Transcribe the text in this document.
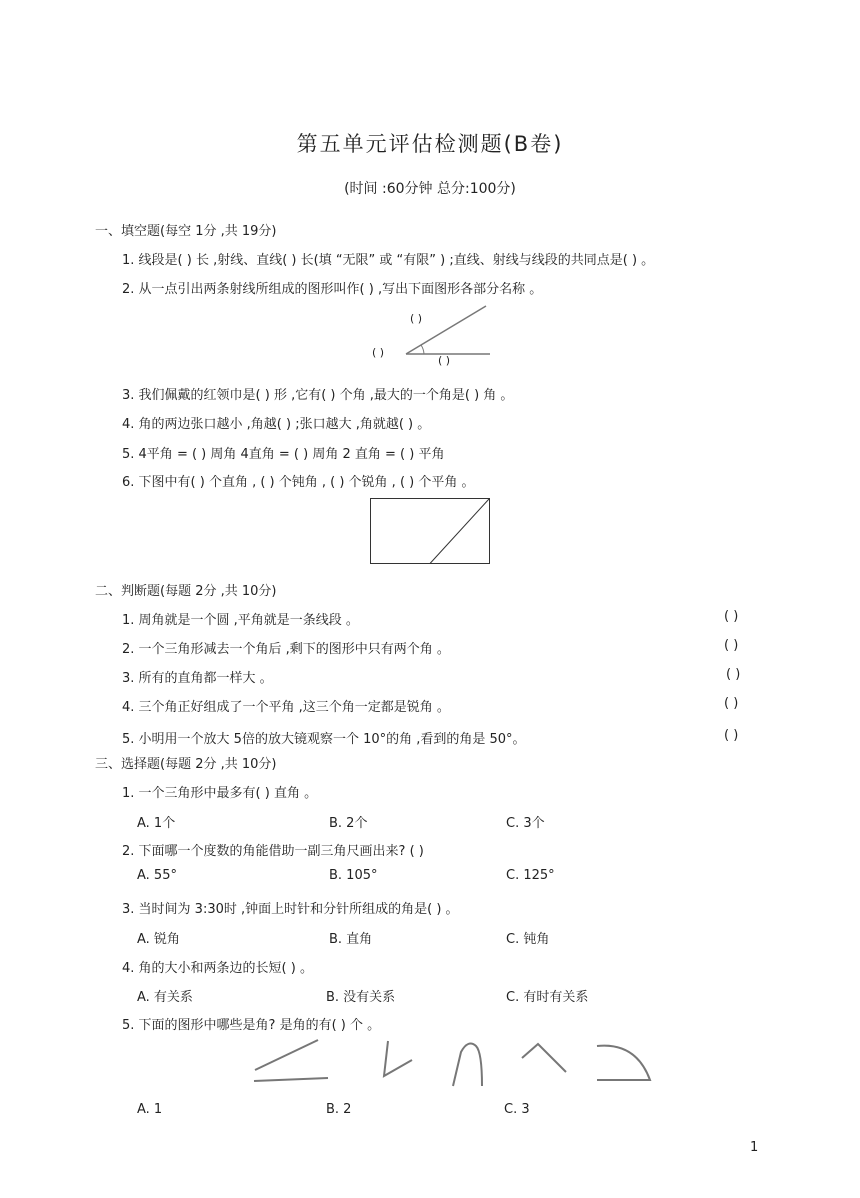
第五单元评估检测题(B卷)
(时间 :60分钟 总分:100分)
一、填空题(每空 1分 ,共 19分)
1. 线段是( ) 长 ,射线、直线( ) 长(填 “无限” 或 “有限” ) ;直线、射线与线段的共同点是( ) 。
2. 从一点引出两条射线所组成的图形叫作( ) ,写出下面图形各部分名称 。
( )
( )
( )
3. 我们佩戴的红领巾是( ) 形 ,它有( ) 个角 ,最大的一个角是( ) 角 。
4. 角的两边张口越小 ,角越( ) ;张口越大 ,角就越( ) 。
5. 4平角 = ( ) 周角 4直角 = ( ) 周角 2 直角 = ( ) 平角
6. 下图中有( ) 个直角 , ( ) 个钝角 , ( ) 个锐角 , ( ) 个平角 。
二、判断题(每题 2分 ,共 10分)
1. 周角就是一个圆 ,平角就是一条线段 。	( )
2. 一个三角形减去一个角后 ,剩下的图形中只有两个角 。	( )
3. 所有的直角都一样大 。	( )
4. 三个角正好组成了一个平角 ,这三个角一定都是锐角 。	( )
5. 小明用一个放大 5倍的放大镜观察一个 10°的角 ,看到的角是 50°。	( )
三、选择题(每题 2分 ,共 10分)
1. 一个三角形中最多有( ) 直角 。
A. 1个	B. 2个	C. 3个
2. 下面哪一个度数的角能借助一副三角尺画出来? ( )
A. 55°	B. 105°	C. 125°
3. 当时间为 3:30时 ,钟面上时针和分针所组成的角是( ) 。
A. 锐角	B. 直角	C. 钝角
4. 角的大小和两条边的长短( ) 。
A. 有关系	B. 没有关系	C. 有时有关系
5. 下面的图形中哪些是角? 是角的有( ) 个 。
A. 1	B. 2	C. 3
1
